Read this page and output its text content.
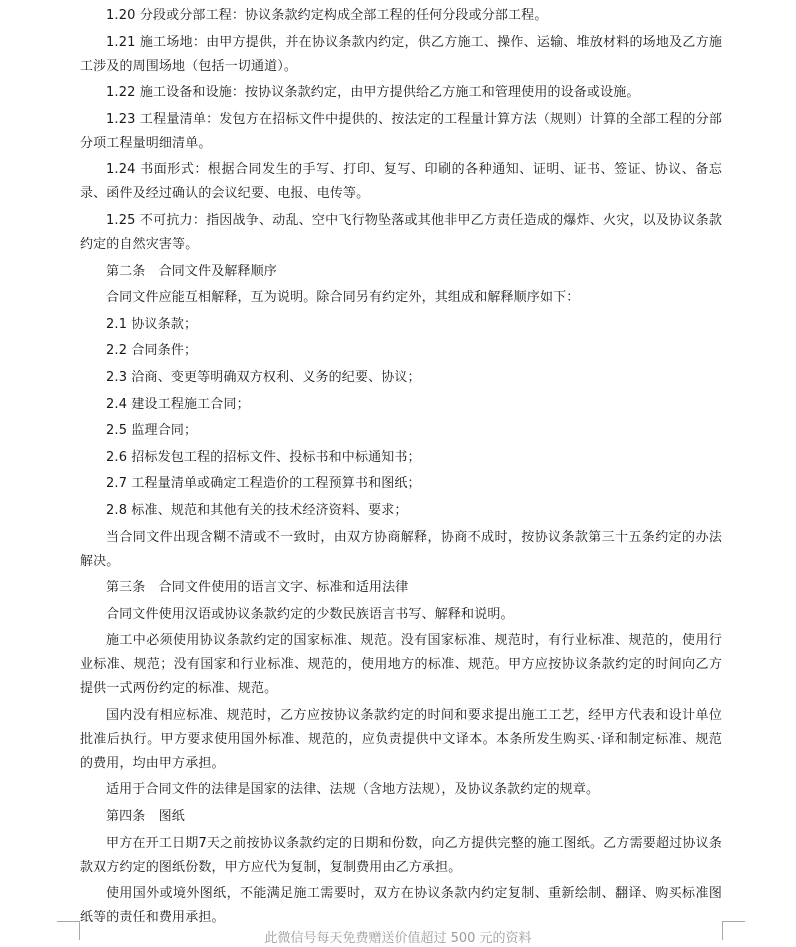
1.20 分段或分部工程：协议条款约定构成全部工程的任何分段或分部工程。

1.21 施工场地：由甲方提供，并在协议条款内约定，供乙方施工、操作、运输、堆放材料的场地及乙方施工涉及的周围场地（包括一切通道）。

1.22 施工设备和设施：按协议条款约定，由甲方提供给乙方施工和管理使用的设备或设施。

1.23 工程量清单：发包方在招标文件中提供的、按法定的工程量计算方法（规则）计算的全部工程的分部分项工程量明细清单。

1.24 书面形式：根据合同发生的手写、打印、复写、印刷的各种通知、证明、证书、签证、协议、备忘录、函件及经过确认的会议纪要、电报、电传等。

1.25 不可抗力：指因战争、动乱、空中飞行物坠落或其他非甲乙方责任造成的爆炸、火灾，以及协议条款约定的自然灾害等。

第二条　合同文件及解释顺序

合同文件应能互相解释，互为说明。除合同另有约定外，其组成和解释顺序如下：

2.1 协议条款；

2.2 合同条件；

2.3 洽商、变更等明确双方权利、义务的纪要、协议；

2.4 建设工程施工合同；

2.5 监理合同；

2.6 招标发包工程的招标文件、投标书和中标通知书；

2.7 工程量清单或确定工程造价的工程预算书和图纸；

2.8 标准、规范和其他有关的技术经济资料、要求；

当合同文件出现含糊不清或不一致时，由双方协商解释，协商不成时，按协议条款第三十五条约定的办法解决。

第三条　合同文件使用的语言文字、标准和适用法律

合同文件使用汉语或协议条款约定的少数民族语言书写、解释和说明。

施工中必须使用协议条款约定的国家标准、规范。没有国家标准、规范时，有行业标准、规范的，使用行业标准、规范；没有国家和行业标准、规范的，使用地方的标准、规范。甲方应按协议条款约定的时间向乙方提供一式两份约定的标准、规范。

国内没有相应标准、规范时，乙方应按协议条款约定的时间和要求提出施工工艺，经甲方代表和设计单位批准后执行。甲方要求使用国外标准、规范的，应负责提供中文译本。本条所发生购买、·译和制定标准、规范的费用，均由甲方承担。

适用于合同文件的法律是国家的法律、法规（含地方法规），及协议条款约定的规章。

第四条　图纸

甲方在开工日期7天之前按协议条款约定的日期和份数，向乙方提供完整的施工图纸。乙方需要超过协议条款双方约定的图纸份数，甲方应代为复制，复制费用由乙方承担。

使用国外或境外图纸，不能满足施工需要时，双方在协议条款内约定复制、重新绘制、翻译、购买标准图纸等的责任和费用承担。

此微信号每天免费赠送价值超过 500 元的资料
